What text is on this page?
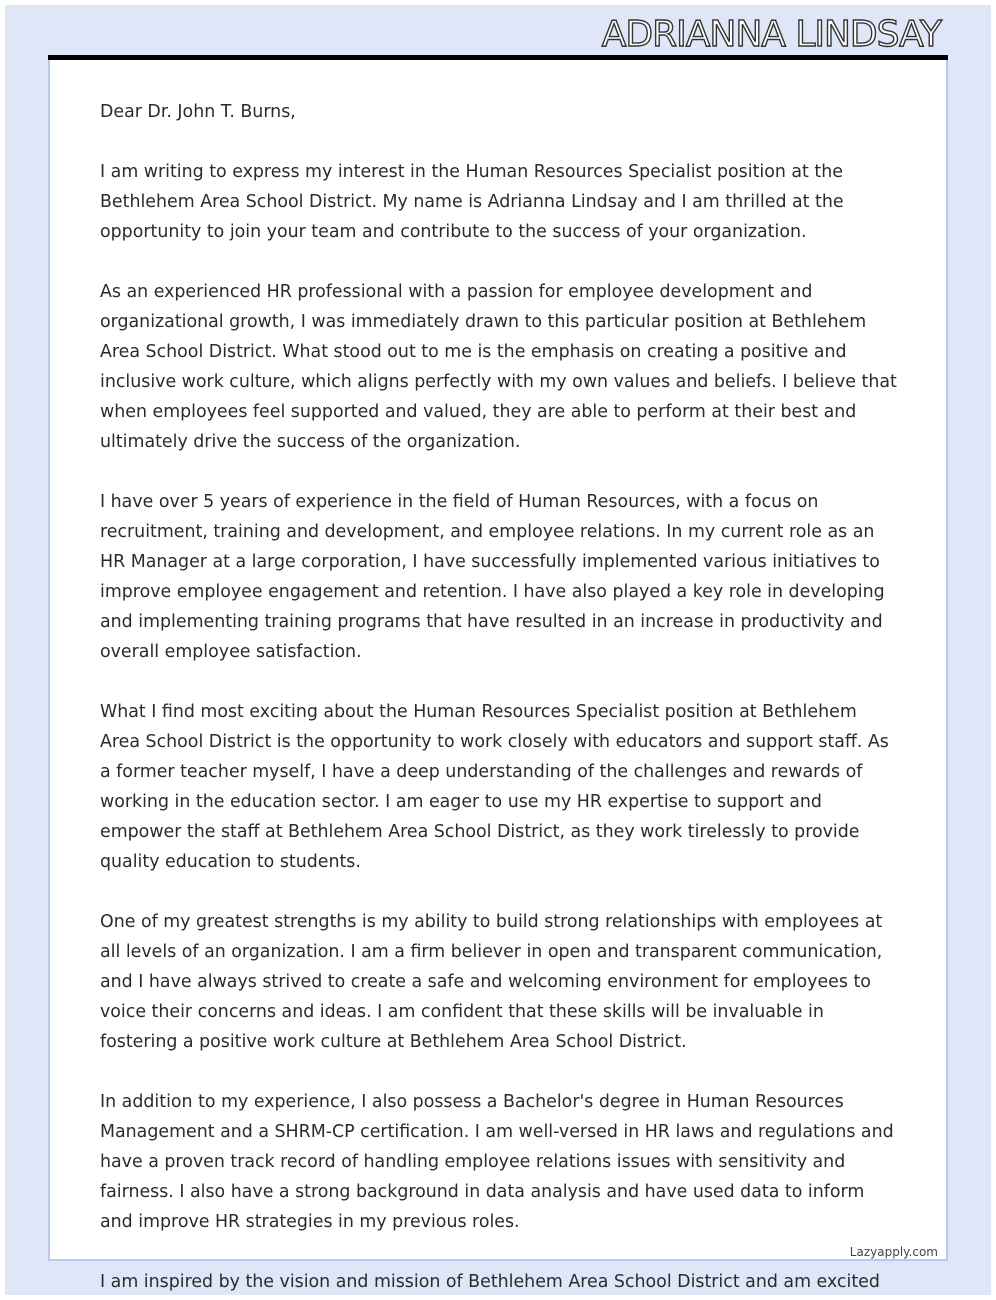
ADRIANNA LINDSAY
Lazyapply.com

Dear Dr. John T. Burns,

I am writing to express my interest in the Human Resources Specialist position at the Bethlehem Area School District. My name is Adrianna Lindsay and I am thrilled at the opportunity to join your team and contribute to the success of your organization.

As an experienced HR professional with a passion for employee development and organizational growth, I was immediately drawn to this particular position at Bethlehem Area School District. What stood out to me is the emphasis on creating a positive and inclusive work culture, which aligns perfectly with my own values and beliefs. I believe that when employees feel supported and valued, they are able to perform at their best and ultimately drive the success of the organization.

I have over 5 years of experience in the field of Human Resources, with a focus on recruitment, training and development, and employee relations. In my current role as an HR Manager at a large corporation, I have successfully implemented various initiatives to improve employee engagement and retention. I have also played a key role in developing and implementing training programs that have resulted in an increase in productivity and overall employee satisfaction.

What I find most exciting about the Human Resources Specialist position at Bethlehem Area School District is the opportunity to work closely with educators and support staff. As a former teacher myself, I have a deep understanding of the challenges and rewards of working in the education sector. I am eager to use my HR expertise to support and empower the staff at Bethlehem Area School District, as they work tirelessly to provide quality education to students.

One of my greatest strengths is my ability to build strong relationships with employees at all levels of an organization. I am a firm believer in open and transparent communication, and I have always strived to create a safe and welcoming environment for employees to voice their concerns and ideas. I am confident that these skills will be invaluable in fostering a positive work culture at Bethlehem Area School District.

In addition to my experience, I also possess a Bachelor's degree in Human Resources Management and a SHRM-CP certification. I am well-versed in HR laws and regulations and have a proven track record of handling employee relations issues with sensitivity and fairness. I also have a strong background in data analysis and have used data to inform and improve HR strategies in my previous roles.

I am inspired by the vision and mission of Bethlehem Area School District and am excited
